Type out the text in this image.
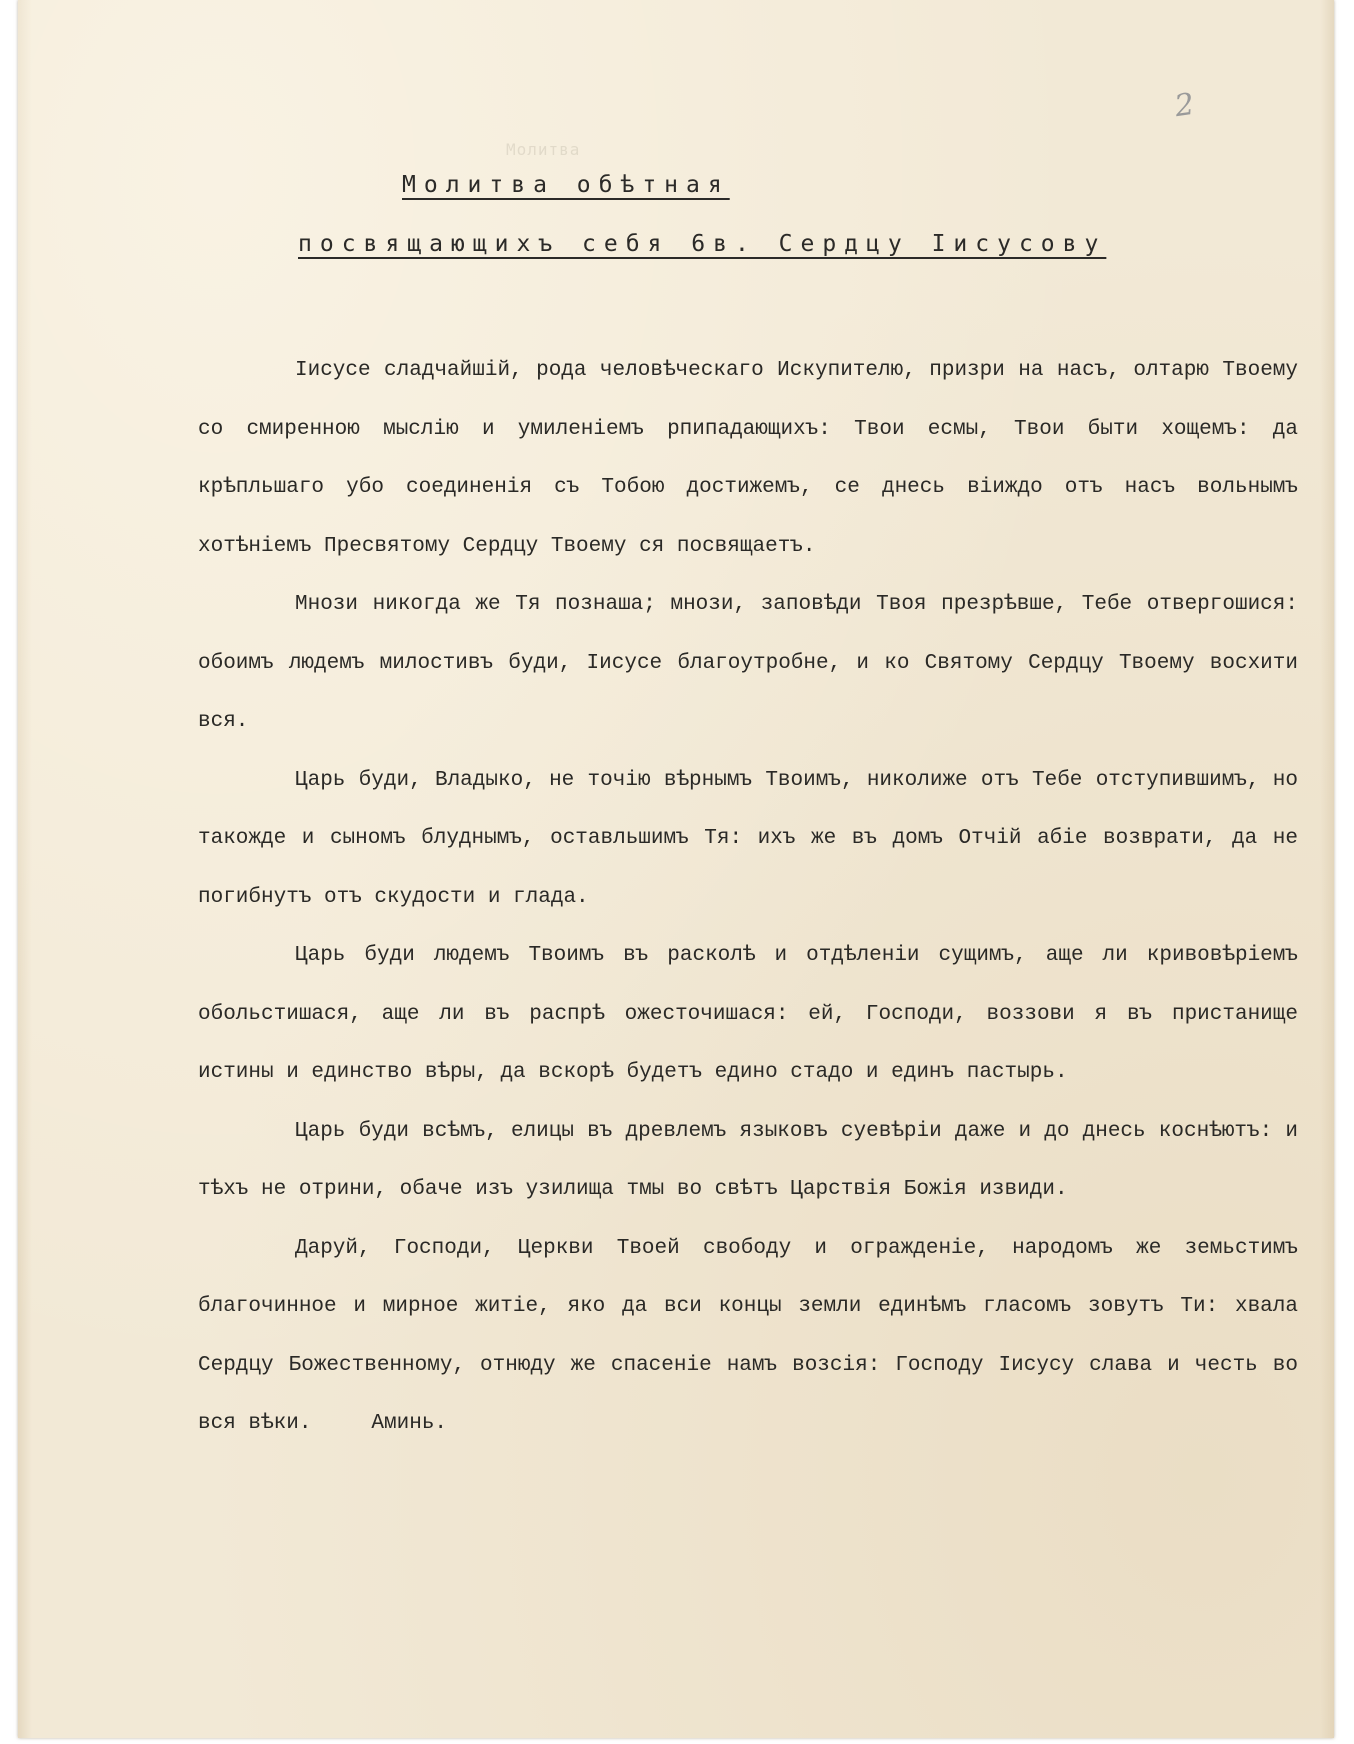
2
Молитва
Молитва обѣтная
посвящающихъ себя 6в. Сердцу Іисусову

Іисусе сладчайшій, рода человѣческаго Искупителю, призри на насъ, олтарю Твоему со смиренною мыслію и умиленіемъ рпипадающихъ: Твои есмы, Твои быти хощемъ: да крѣпльшаго убо соединенія съ Тобою достижемъ, се днесь віиждо отъ насъ вольнымъ хотѣніемъ Пресвятому Сердцу Твоему ся посвящаетъ.

Мнози никогда же Тя познаша; мнози, заповѣди Твоя презрѣвше, Тебе отвергошися: обоимъ людемъ милостивъ буди, Іисусе благоутробне, и ко Святому Сердцу Твоему восхити вся.

Царь буди, Владыко, не точію вѣрнымъ Твоимъ, николиже отъ Тебе отступившимъ, но такожде и сыномъ блуднымъ, оставльшимъ Тя: ихъ же въ домъ Отчій абіе возврати, да не погибнутъ отъ скудости и глада.

Царь буди людемъ Твоимъ въ расколѣ и отдѣленіи сущимъ, аще ли кривовѣріемъ обольстишася, аще ли въ распрѣ ожесточишася: ей, Господи, воззови я въ пристанище истины и единство вѣры, да вскорѣ будетъ едино стадо и единъ пастырь.

Царь буди всѣмъ, елицы въ древлемъ языковъ суевѣріи даже и до днесь коснѣютъ: и тѣхъ не отрини, обаче изъ узилища тмы во свѣтъ Царствія Божія извиди.

Даруй, Господи, Церкви Твоей свободу и огражденіе, народомъ же земьстимъ благочинное и мирное житіе, яко да вси концы земли единѣмъ гласомъ зовутъ Ти: хвала Сердцу Божественному, отнюду же спасеніе намъ возсія: Господу Іисусу слава и честь во вся вѣки.	Аминь.
